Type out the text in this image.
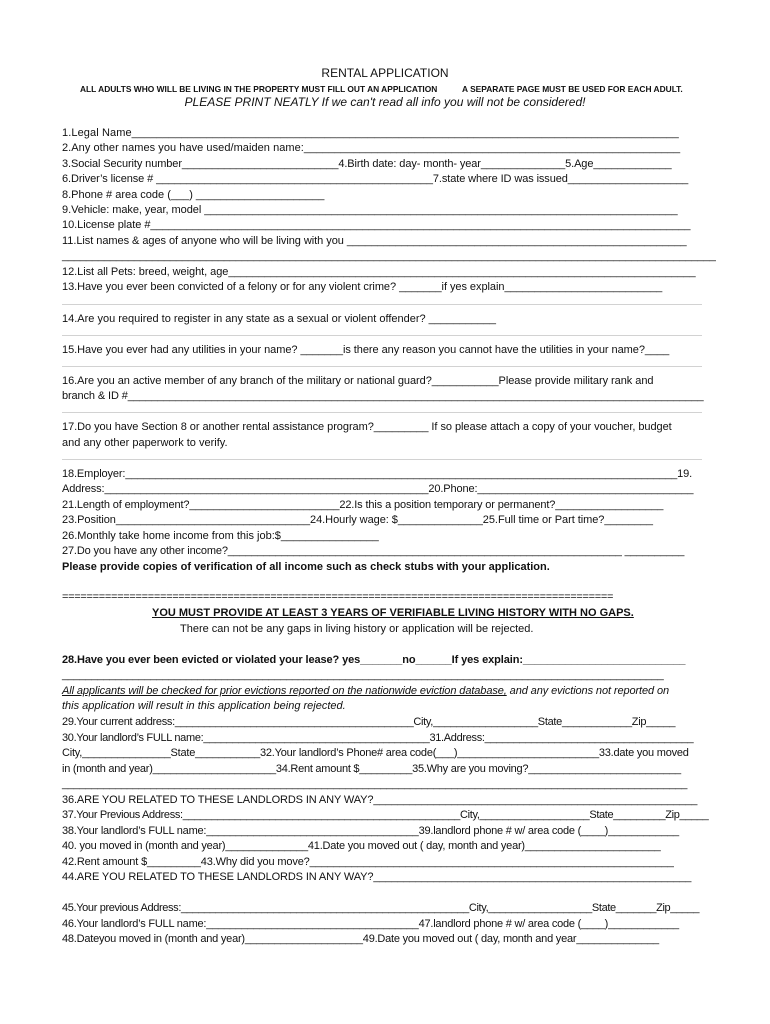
RENTAL APPLICATION
ALL ADULTS WHO WILL BE LIVING IN THE PROPERTY MUST FILL OUT AN APPLICATION	A SEPARATE PAGE MUST BE USED FOR EACH ADULT.
PLEASE PRINT NEATLY If we can't read all info you will not be considered!
1.Legal Name________________________________________________________________________________________
2.Any other names you have used/maiden name:_____________________________________________________________
3.Social Security number__________________________4.Birth date: day- month- year______________5.Age_____________
6.Driver’s license # ______________________________________________7.state where ID was issued____________________
8.Phone # area code (___) _____________________
9.Vehicle: make, year, model ______________________________________________________________________________
10.License plate #_________________________________________________________________________________________
11.List names & ages of anyone who will be living with you ________________________________________________________
_____________________________________________________________________________________________________________
12.List all Pets: breed, weight, age_____________________________________________________________________________
13.Have you ever been convicted of a felony or for any violent crime? _______if yes explain__________________________
14.Are you required to register in any state as a sexual or violent offender? ___________
15.Have you ever had any utilities in your name? _______is there any reason you cannot have the utilities in your name?____
16.Are you an active member of any branch of the military or national guard?___________Please provide military rank and
branch & ID #________________________________________________________________________________________________
17.Do you have Section 8 or another rental assistance program?_________ If so please attach a copy of your voucher, budget
and any other paperwork to verify.
18.Employer:____________________________________________________________________________________________19.
Address:______________________________________________________20.Phone:____________________________________
21.Length of employment?_________________________22.Is this a position temporary or permanent?__________________
23.Position________________________________24.Hourly wage: $______________25.Full time or Part time?________
26.Monthly take home income from this job:$________________
27.Do you have any other income?__________________________________________________________________ __________
Please provide copies of verification of all income such as check stubs with your application.
==========================================================================================
YOU MUST PROVIDE AT LEAST 3 YEARS OF VERIFIABLE LIVING HISTORY WITH NO GAPS.
There can not be any gaps in living history or application will be rejected.
28.Have you ever been evicted or violated your lease? yes_______no______If yes explain:___________________________
______________________________________________________________________________________________________
All applicants will be checked for prior evictions reported on the nationwide eviction database, and any evictions not reported on
this application will result in this application being rejected.
29.Your current address:_________________________________________City,__________________State____________Zip_____
30.Your landlord’s FULL name:_______________________________________31.Address:____________________________________
City,_______________State___________32.Your landlord’s Phone# area code(___)________________________33.date you moved
in (month and year)_____________________34.Rent amount $_________35.Why are you moving?__________________________
__________________________________________________________________________________________________________
36.ARE YOU RELATED TO THESE LANDLORDS IN ANY WAY?______________________________________________________
37.Your Previous Address:________________________________________________City,___________________State_________Zip_____
38.Your landlord’s FULL name:____________________________________39.landlord phone # w/ area code (____)____________
40. you moved in (month and year)______________41.Date you moved out ( day, month and year)_______________________
42.Rent amount $_________43.Why did you move?_____________________________________________________________
44.ARE YOU RELATED TO THESE LANDLORDS IN ANY WAY?_____________________________________________________
45.Your previous Address:__________________________________________________City,__________________State_______Zip_____
46.Your landlord’s FULL name:____________________________________47.landlord phone # w/ area code (____)____________
48.Dateyou moved in (month and year)____________________49.Date you moved out ( day, month and year______________
